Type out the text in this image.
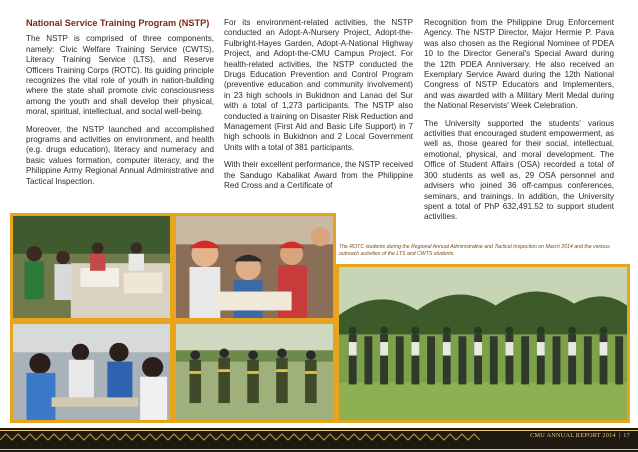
National Service Training Program (NSTP)

The NSTP is comprised of three components, namely: Civic Welfare Training Service (CWTS), Literacy Training Service (LTS), and Reserve Officers Training Corps (ROTC). Its guiding principle recognizes the vital role of youth in nation-building where the state shall promote civic consciousness among the youth and shall develop their physical, moral, spiritual, intellectual, and social well-being.

Moreover, the NSTP launched and accomplished programs and activities on environment, and health (e.g. drugs education), literacy and numeracy and basic values formation, computer literacy, and the Philippine Army Regional Annual Administrative and Tactical Inspection.

For its environment-related activities, the NSTP conducted an Adopt-A-Nursery Project, Adopt-the-Fulbright-Hayes Garden, Adopt-A-National Highway Project, and Adopt-the-CMU Campus Project. For health-related activities, the NSTP conducted the Drugs Education Prevention and Control Program (preventive education and community involvement) in 23 high schools in Bukidnon and Lanao del Sur with a total of 1,273 participants. The NSTP also conducted a training on Disaster Risk Reduction and Management (First Aid and Basic Life Support) in 7 high schools in Bukidnon and 2 Local Government Units with a total of 381 participants.

With their excellent performance, the NSTP received the Sandugo Kabalikat Award from the Philippine Red Cross and a Certificate of

Recognition from the Philippine Drug Enforcement Agency. The NSTP Director, Major Hermie P. Pava was also chosen as the Regional Nominee of PDEA 10 to the Director General's Special Award during the 12th PDEA Anniversary. He also received an Exemplary Service Award during the 12th National Congress of NSTP Educators and Implementers, and was awarded with a Military Merit Medal during the National Reservists' Week Celebration.

The University supported the students' various activities that encouraged student empowerment, as well as, those geared for their social, intellectual, emotional, physical, and moral development. The Office of Student Affairs (OSA) recorded a total of 300 students as well as, 29 OSA personnel and advisers who joined 36 off-campus conferences, seminars, and trainings. In addition, the University spent a total of PhP 632,491.52 to support student activities.

The ROTC students during the Regional Annual Administrative and Tactical Inspection on March 2014 and the various outreach activities of the LTS and CWTS students.
CMU ANNUAL REPORT 2014 | 17
